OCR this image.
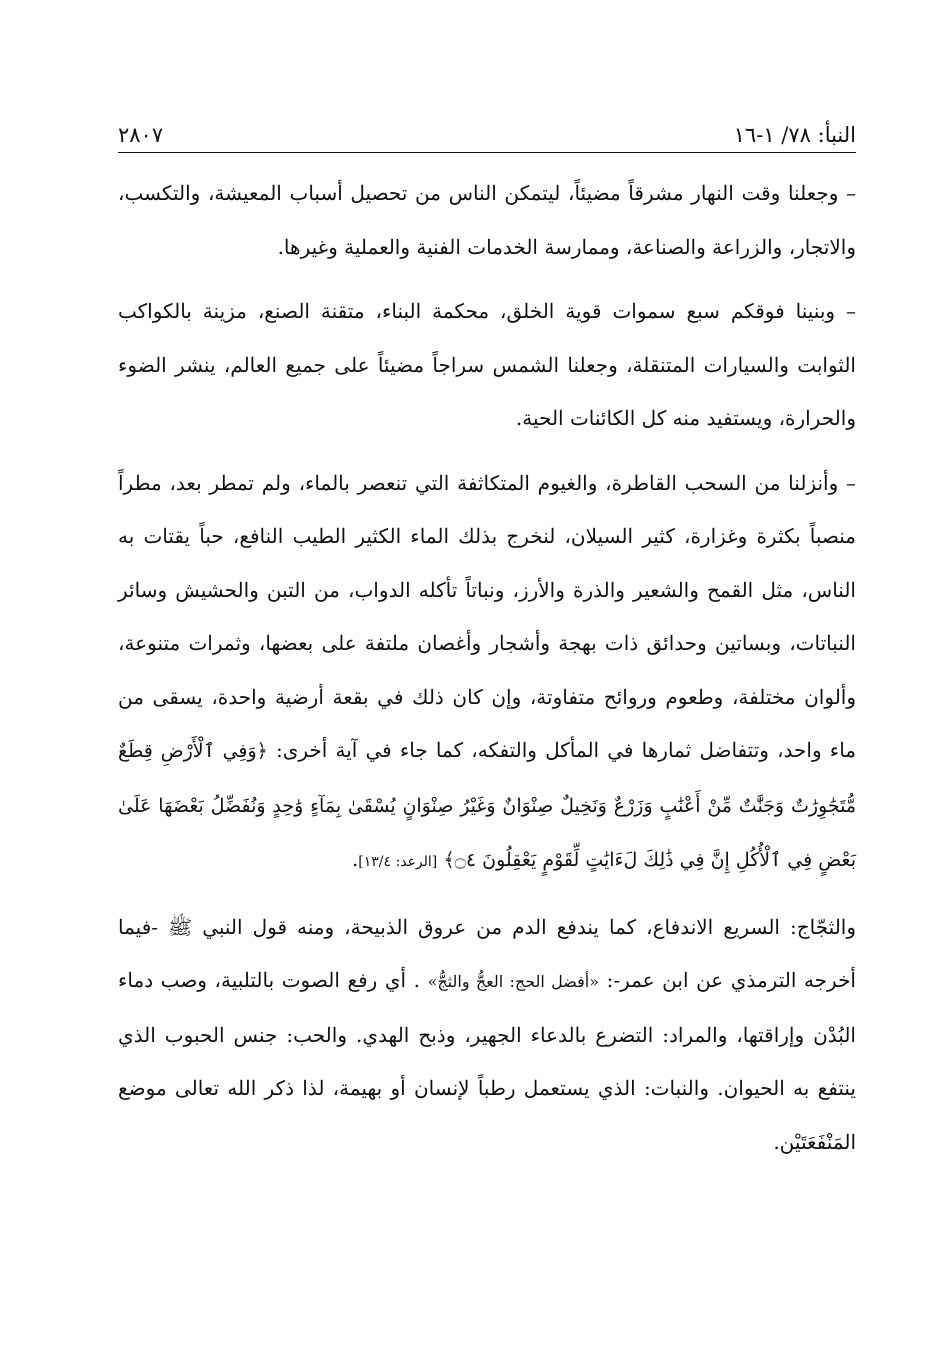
النبأ: ٧٨/ ١-١٦
٢٨٠٧

– وجعلنا وقت النهار مشرقاً مضيئاً، ليتمكن الناس من تحصيل أسباب المعيشة، والتكسب، والاتجار، والزراعة والصناعة، وممارسة الخدمات الفنية والعملية وغيرها.

– وبنينا فوقكم سبع سموات قوية الخلق، محكمة البناء، متقنة الصنع، مزينة بالكواكب الثوابت والسيارات المتنقلة، وجعلنا الشمس سراجاً مضيئاً على جميع العالم، ينشر الضوء والحرارة، ويستفيد منه كل الكائنات الحية.

– وأنزلنا من السحب القاطرة، والغيوم المتكاثفة التي تنعصر بالماء، ولم تمطر بعد، مطراً منصباً بكثرة وغزارة، كثير السيلان، لنخرج بذلك الماء الكثير الطيب النافع، حباً يقتات به الناس، مثل القمح والشعير والذرة والأرز، ونباتاً تأكله الدواب، من التبن والحشيش وسائر النباتات، وبساتين وحدائق ذات بهجة وأشجار وأغصان ملتفة على بعضها، وثمرات متنوعة، وألوان مختلفة، وطعوم وروائح متفاوتة، وإن كان ذلك في بقعة أرضية واحدة، يسقى من ماء واحد، وتتفاضل ثمارها في المأكل والتفكه، كما جاء في آية أخرى: ﴿وَفِي ٱلْأَرْضِ قِطَعٌ مُّتَجَٰوِرَٰتٌ وَجَنَّٰتٌ مِّنْ أَعْنَٰبٍ وَزَرْعٌ وَنَخِيلٌ صِنْوَانٌ وَغَيْرُ صِنْوَانٍ يُسْقَىٰ بِمَآءٍ وَٰحِدٍ وَنُفَضِّلُ بَعْضَهَا عَلَىٰ بَعْضٍ فِي ٱلْأُكُلِ إِنَّ فِي ذَٰلِكَ لَءَايَٰتٍ لِّقَوْمٍ يَعْقِلُونَ ۝٤﴾ [الرعد: ١٣/٤].

والثجّاج: السريع الاندفاع، كما يندفع الدم من عروق الذبيحة، ومنه قول النبي ﷺ -فيما أخرجه الترمذي عن ابن عمر-: «أفضل الحج: العجُّ والثجُّ» . أي رفع الصوت بالتلبية، وصب دماء البُدْن وإراقتها، والمراد: التضرع بالدعاء الجهير، وذبح الهدي. والحب: جنس الحبوب الذي ينتفع به الحيوان. والنبات: الذي يستعمل رطباً لإنسان أو بهيمة، لذا ذكر الله تعالى موضع المَنْفَعَتَيْن.
